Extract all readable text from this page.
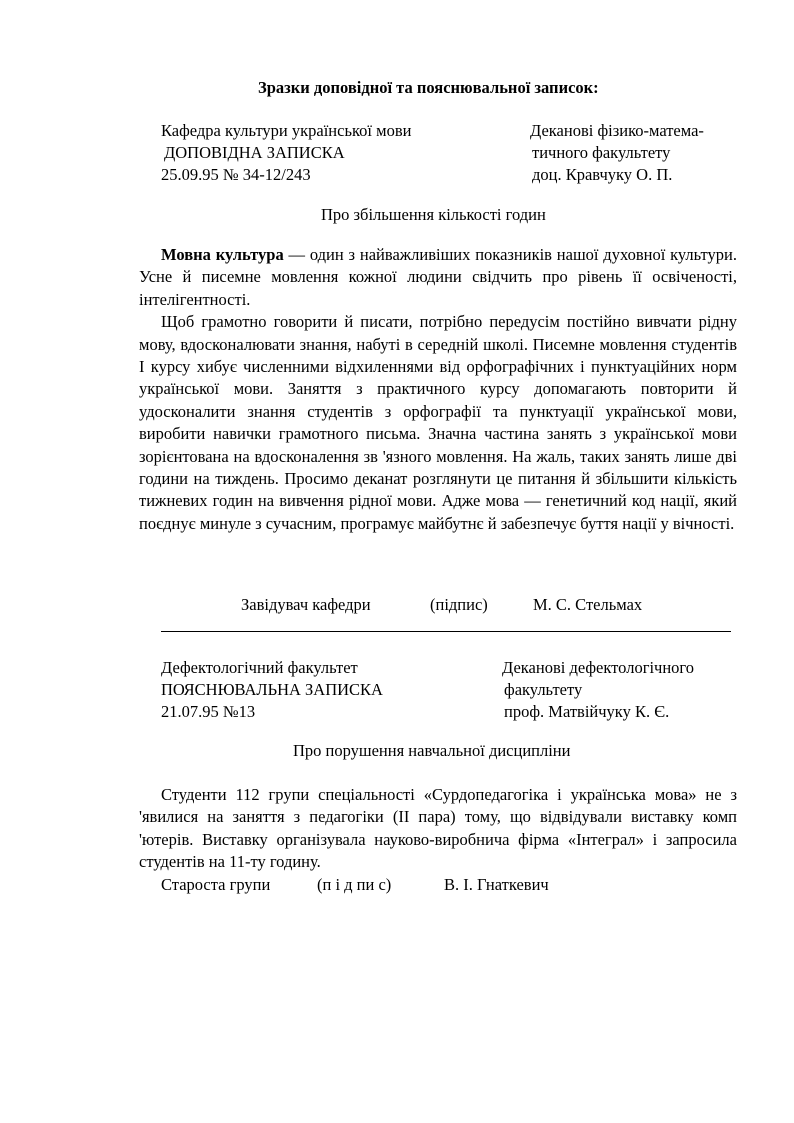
Зразки доповідної та пояснювальної записок:
Кафедра культури української мови
ДОПОВІДНА ЗАПИСКА
25.09.95 № 34-12/243
Деканові фізико-матема-
тичного факультету
доц. Кравчуку О. П.
Про збільшення кількості годин

Мовна культура — один з найважливіших показників нашої духовної культури. Усне й писемне мовлення кожної людини свідчить про рівень її освіченості, інтелігентності.

Щоб грамотно говорити й писати, потрібно передусім постійно вивчати рідну мову, вдосконалювати знання, набуті в середній школі. Писемне мовлення студентів І курсу хибує численними відхиленнями від орфографічних і пунктуаційних норм української мови. Заняття з практичного курсу допомагають повторити й удосконалити знання студентів з орфографії та пунктуації української мови, виробити навички грамотного письма. Значна частина занять з української мови зорієнтована на вдосконалення зв 'язного мовлення. На жаль, таких занять лише дві години на тиждень. Просимо деканат розглянути це питання й збільшити кількість тижневих годин на вивчення рідної мови. Адже мова — генетичний код нації, який поєднує минуле з сучасним, програмує майбутнє й забезпечує буття нації у вічності.

Завідувач кафедри	(підпис)	М. С. Стельмах
Дефектологічний факультет
ПОЯСНЮВАЛЬНА ЗАПИСКА
21.07.95 №13
Деканові дефектологічного
факультету
проф. Матвійчуку К. Є.
Про порушення навчальної дисципліни

Студенти 112 групи спеціальності «Сурдопедагогіка і українська мова» не з 'явилися на заняття з педагогіки (II пара) тому, що відвідували виставку комп 'ютерів. Виставку організувала науково-виробнича фірма «Інтеграл» і запросила студентів на 11-ту годину.

Староста групи	(п і д пи с)	В. І. Гнаткевич
